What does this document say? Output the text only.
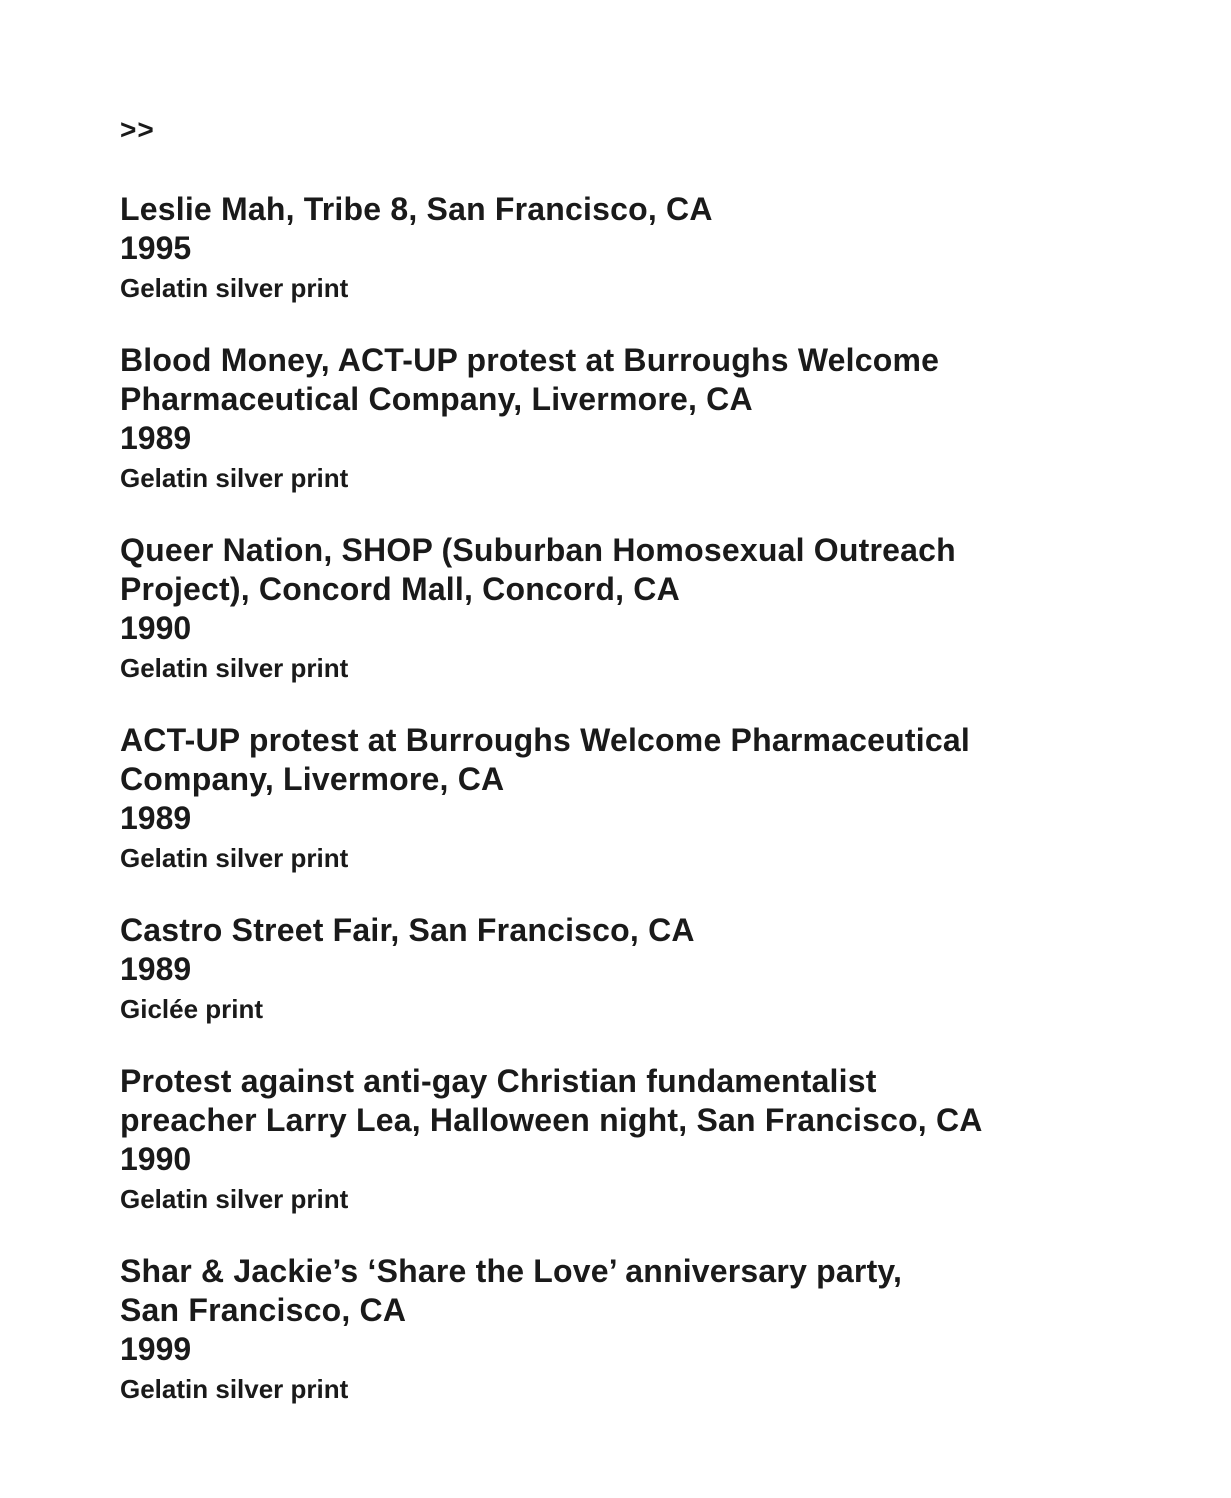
>>
Leslie Mah, Tribe 8, San Francisco, CA
1995
Gelatin silver print
Blood Money, ACT-UP protest at Burroughs Welcome
Pharmaceutical Company, Livermore, CA
1989
Gelatin silver print
Queer Nation, SHOP (Suburban Homosexual Outreach
Project), Concord Mall, Concord, CA
1990
Gelatin silver print
ACT-UP protest at Burroughs Welcome Pharmaceutical
Company, Livermore, CA
1989
Gelatin silver print
Castro Street Fair, San Francisco, CA
1989
Giclée print
Protest against anti-gay Christian fundamentalist
preacher Larry Lea, Halloween night, San Francisco, CA
1990
Gelatin silver print
Shar & Jackie’s ‘Share the Love’ anniversary party,
San Francisco, CA
1999
Gelatin silver print
